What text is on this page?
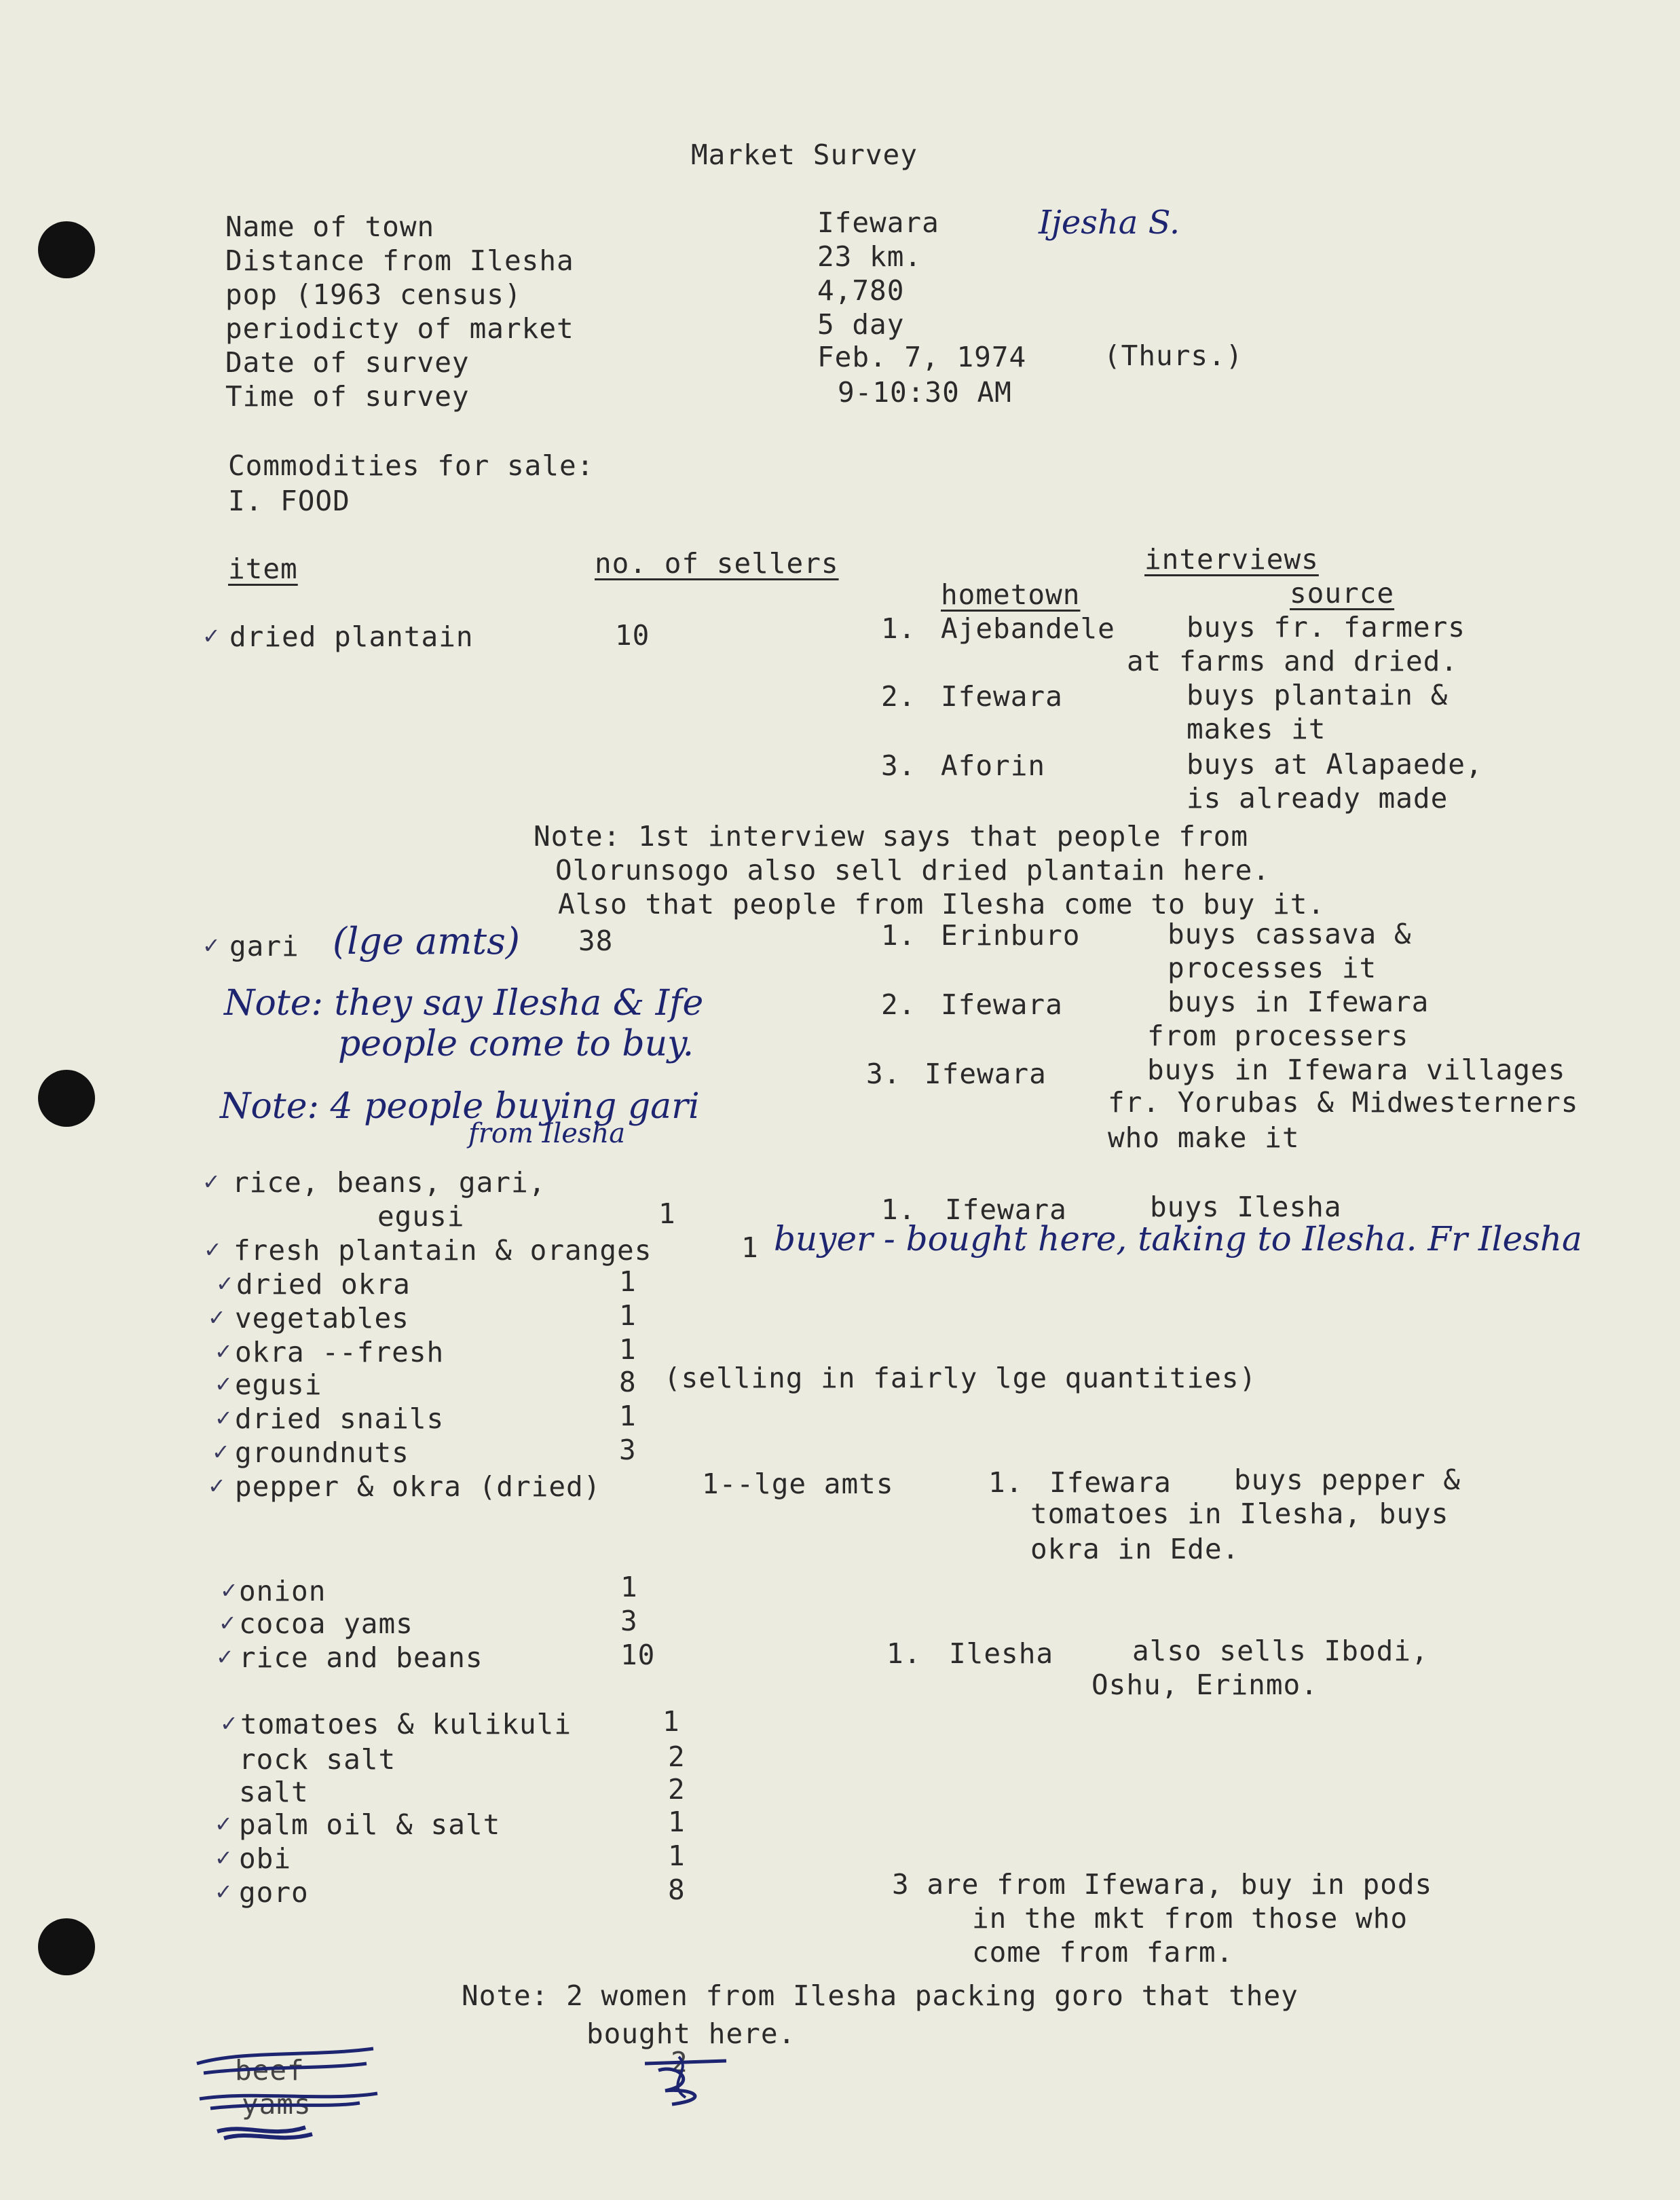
Market Survey
Name of town	Ifewara	Ijesha S.
Distance from Ilesha	23 km.
pop (1963 census)	4,780
periodicty of market	5 day
Date of survey	Feb. 7, 1974	(Thurs.)
Time of survey	9-10:30 AM
Commodities for sale:
I. FOOD
item	no. of sellers	interviews
hometown	source
✓ dried plantain	10	1. Ajebandele	buys fr. farmers
at farms and dried.
2. Ifewara	buys plantain &
makes it
3. Aforin	buys at Alapaede,
is already made
Note: 1st interview says that people from
Olorunsogo also sell dried plantain here.
Also that people from Ilesha come to buy it.
✓ gari (lge amts) 38	1. Erinburo	buys cassava &
processes it
2. Ifewara	buys in Ifewara
from processers
3. Ifewara	buys in Ifewara villages
fr. Yorubas & Midwesterners
who make it
Note: they say Ilesha & Ife
people come to buy.
Note: 4 people buying gari
from Ilesha
✓ rice, beans, gari,
egusi	1	1. Ifewara	buys Ilesha
✓ fresh plantain & oranges	1 buyer - bought here, taking to Ilesha. Fr Ilesha
✓ dried okra	1
✓ vegetables	1
✓ okra --fresh	1
✓ egusi	8 (selling in fairly lge quantities)
✓ dried snails	1
✓ groundnuts	3
✓ pepper & okra (dried)	1--lge amts	1. Ifewara buys pepper &
tomatoes in Ilesha, buys
okra in Ede.
✓ onion	1
✓ cocoa yams	3
✓ rice and beans	10	1. Ilesha	also sells Ibodi,
Oshu, Erinmo.
✓ tomatoes & kulikuli	1
rock salt	2
salt	2
✓ palm oil & salt	1
✓ obi	1
✓ goro	8	3 are from Ifewara, buy in pods
in the mkt from those who
come from farm.
Note: 2 women from Ilesha packing goro that they
bought here.
beef
yams
2
